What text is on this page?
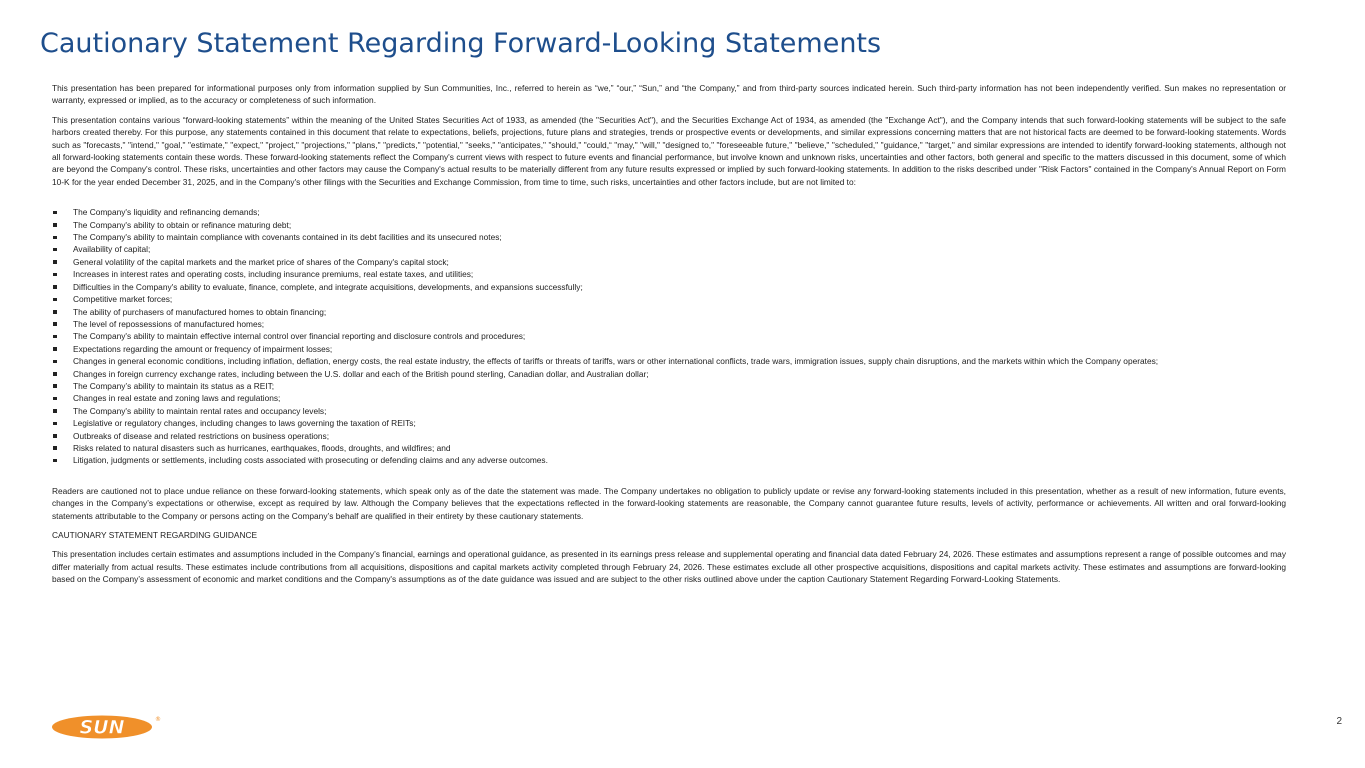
Cautionary Statement Regarding Forward-Looking Statements

This presentation has been prepared for informational purposes only from information supplied by Sun Communities, Inc., referred to herein as “we,” “our,” “Sun,” and “the Company,” and from third-party sources indicated herein. Such third-party information has not been independently verified. Sun makes no representation or warranty, expressed or implied, as to the accuracy or completeness of such information.

This presentation contains various “forward-looking statements” within the meaning of the United States Securities Act of 1933, as amended (the "Securities Act"), and the Securities Exchange Act of 1934, as amended (the "Exchange Act"), and the Company intends that such forward-looking statements will be subject to the safe harbors created thereby. For this purpose, any statements contained in this document that relate to expectations, beliefs, projections, future plans and strategies, trends or prospective events or developments, and similar expressions concerning matters that are not historical facts are deemed to be forward-looking statements. Words such as "forecasts," "intend," "goal," "estimate," "expect," "project," "projections," "plans," "predicts," "potential," "seeks," "anticipates," "should," "could,“ "may," "will," "designed to," "foreseeable future," "believe," "scheduled," "guidance," "target," and similar expressions are intended to identify forward-looking statements, although not all forward-looking statements contain these words. These forward-looking statements reflect the Company's current views with respect to future events and financial performance, but involve known and unknown risks, uncertainties and other factors, both general and specific to the matters discussed in this document, some of which are beyond the Company's control. These risks, uncertainties and other factors may cause the Company's actual results to be materially different from any future results expressed or implied by such forward-looking statements. In addition to the risks described under "Risk Factors" contained in the Company's Annual Report on Form 10-K for the year ended December 31, 2025, and in the Company's other filings with the Securities and Exchange Commission, from time to time, such risks, uncertainties and other factors include, but are not limited to:

The Company's liquidity and refinancing demands;
The Company's ability to obtain or refinance maturing debt;
The Company's ability to maintain compliance with covenants contained in its debt facilities and its unsecured notes;
Availability of capital;
General volatility of the capital markets and the market price of shares of the Company's capital stock;
Increases in interest rates and operating costs, including insurance premiums, real estate taxes, and utilities;
Difficulties in the Company's ability to evaluate, finance, complete, and integrate acquisitions, developments, and expansions successfully;
Competitive market forces;
The ability of purchasers of manufactured homes to obtain financing;
The level of repossessions of manufactured homes;
The Company's ability to maintain effective internal control over financial reporting and disclosure controls and procedures;
Expectations regarding the amount or frequency of impairment losses;
Changes in general economic conditions, including inflation, deflation, energy costs, the real estate industry, the effects of tariffs or threats of tariffs, wars or other international conflicts, trade wars, immigration issues, supply chain disruptions, and the markets within which the Company operates;
Changes in foreign currency exchange rates, including between the U.S. dollar and each of the British pound sterling, Canadian dollar, and Australian dollar;
The Company’s ability to maintain its status as a REIT;
Changes in real estate and zoning laws and regulations;
The Company's ability to maintain rental rates and occupancy levels;
Legislative or regulatory changes, including changes to laws governing the taxation of REITs;
Outbreaks of disease and related restrictions on business operations;
Risks related to natural disasters such as hurricanes, earthquakes, floods, droughts, and wildfires; and
Litigation, judgments or settlements, including costs associated with prosecuting or defending claims and any adverse outcomes.

Readers are cautioned not to place undue reliance on these forward-looking statements, which speak only as of the date the statement was made. The Company undertakes no obligation to publicly update or revise any forward-looking statements included in this presentation, whether as a result of new information, future events, changes in the Company’s expectations or otherwise, except as required by law. Although the Company believes that the expectations reflected in the forward-looking statements are reasonable, the Company cannot guarantee future results, levels of activity, performance or achievements. All written and oral forward-looking statements attributable to the Company or persons acting on the Company’s behalf are qualified in their entirety by these cautionary statements.

CAUTIONARY STATEMENT REGARDING GUIDANCE

This presentation includes certain estimates and assumptions included in the Company’s financial, earnings and operational guidance, as presented in its earnings press release and supplemental operating and financial data dated February 24, 2026. These estimates and assumptions represent a range of possible outcomes and may differ materially from actual results. These estimates include contributions from all acquisitions, dispositions and capital markets activity completed through February 24, 2026. These estimates exclude all other prospective acquisitions, dispositions and capital markets activity. These estimates and assumptions are forward-looking based on the Company’s assessment of economic and market conditions and the Company's assumptions as of the date guidance was issued and are subject to the other risks outlined above under the caption Cautionary Statement Regarding Forward-Looking Statements.

SUN	®	2
